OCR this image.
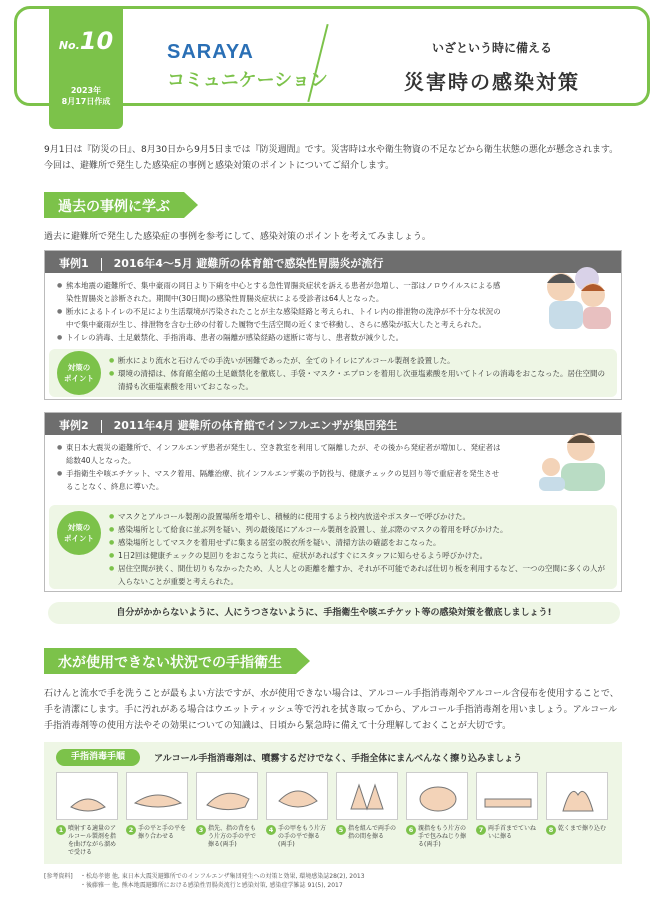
No.10
2023年
8月17日作成
SARAYA
コミュニケーション
いざという時に備える
災害時の感染対策
9月1日は『防災の日』、8月30日から9月5日までは『防災週間』です。災害時は水や衛生物資の不足などから衛生状態の悪化が懸念されます。今回は、避難所で発生した感染症の事例と感染対策のポイントについてご紹介します。
過去の事例に学ぶ
過去に避難所で発生した感染症の事例を参考にして、感染対策のポイントを考えてみましょう。
事例1 2016年4〜5月 避難所の体育館で感染性胃腸炎が流行
● 熊本地震の避難所で、集中豪雨の同日より下痢を中心とする急性胃腸炎症状を訴える患者が急増し、一部はノロウイルスによる感染性胃腸炎と診断された。期間中(30日間)の感染性胃腸炎症状による受診者は64人となった。
● 断水によるトイレの不足により生活環境が汚染されたことが主な感染経路と考えられ、トイレ内の排泄物の洗浄が不十分な状況の中で集中豪雨が生じ、排泄物を含む土砂の付着した履物で生活空間の近くまで移動し、さらに感染が拡大したと考えられた。
● トイレの消毒、土足厳禁化、手指消毒、患者の隔離が感染経路の遮断に寄与し、患者数が減少した。
対策の
ポイント
● 断水により流水と石けんでの手洗いが困難であったが、全てのトイレにアルコール製剤を設置した。
● 環境の清掃は、体育館全館の土足厳禁化を徹底し、手袋・マスク・エプロンを着用し次亜塩素酸を用いてトイレの消毒をおこなった。居住空間の清掃も次亜塩素酸を用いておこなった。
事例2 2011年4月 避難所の体育館でインフルエンザが集団発生
● 東日本大震災の避難所で、インフルエンザ患者が発生し、空き教室を利用して隔離したが、その後から発症者が増加し、発症者は総数40人となった。
● 手指衛生や咳エチケット、マスク着用、隔離治療、抗インフルエンザ薬の予防投与、健康チェックの見回り等で重症者を発生させることなく、終息に導いた。
対策の
ポイント
● マスクとアルコール製剤の設置場所を増やし、積極的に使用するよう校内放送やポスターで呼びかけた。
● 感染場所として給食に並ぶ列を疑い、列の最後尾にアルコール製剤を設置し、並ぶ際のマスクの着用を呼びかけた。
● 感染場所としてマスクを着用せずに集まる居室の脱衣所を疑い、清掃方法の確認をおこなった。
● 1日2回は健康チェックの見回りをおこなうと共に、症状があればすぐにスタッフに知らせるよう呼びかけた。
● 居住空間が狭く、間仕切りもなかったため、人と人との距離を離すか、それが不可能であれば仕切り板を利用するなど、一つの空間に多くの人が入らないことが重要と考えられた。
自分がかからないように、人にうつさないように、手指衛生や咳エチケット等の感染対策を徹底しましょう!
水が使用できない状況での手指衛生
石けんと流水で手を洗うことが最もよい方法ですが、水が使用できない場合は、アルコール手指消毒剤やアルコール含侵布を使用することで、手を清潔にします。手に汚れがある場合はウエットティッシュ等で汚れを拭き取ってから、アルコール手指消毒剤を用いましょう。アルコール手指消毒剤等の使用方法やその効果についての知識は、日頃から緊急時に備えて十分理解しておくことが大切です。
手指消毒手順	アルコール手指消毒剤は、噴霧するだけでなく、手指全体にまんべんなく擦り込みましょう
1 噴射する適量のアルコール製剤を指を曲げながら溜めで受ける
2 手の平と手の平を擦り合わせる
3 指先、指の背をもう片方の手の平で擦る(両手)
4 手の甲をもう片方の手の平で擦る(両手)
5 指を組んで両手の指の間を擦る
6 親指をもう片方の手で包みねじり擦る(両手)
7 両手首までていねいに擦る
8 乾くまで擦り込む
[参考資料]	・松島孝徳 他, 東日本大震災避難所でのインフルエンザ集団発生への対策と効果, 環境感染誌28(2), 2013
・後藤雅一 他, 熊本地震避難所における感染性胃腸炎流行と感染対策, 感染症学雑誌 91(5), 2017
